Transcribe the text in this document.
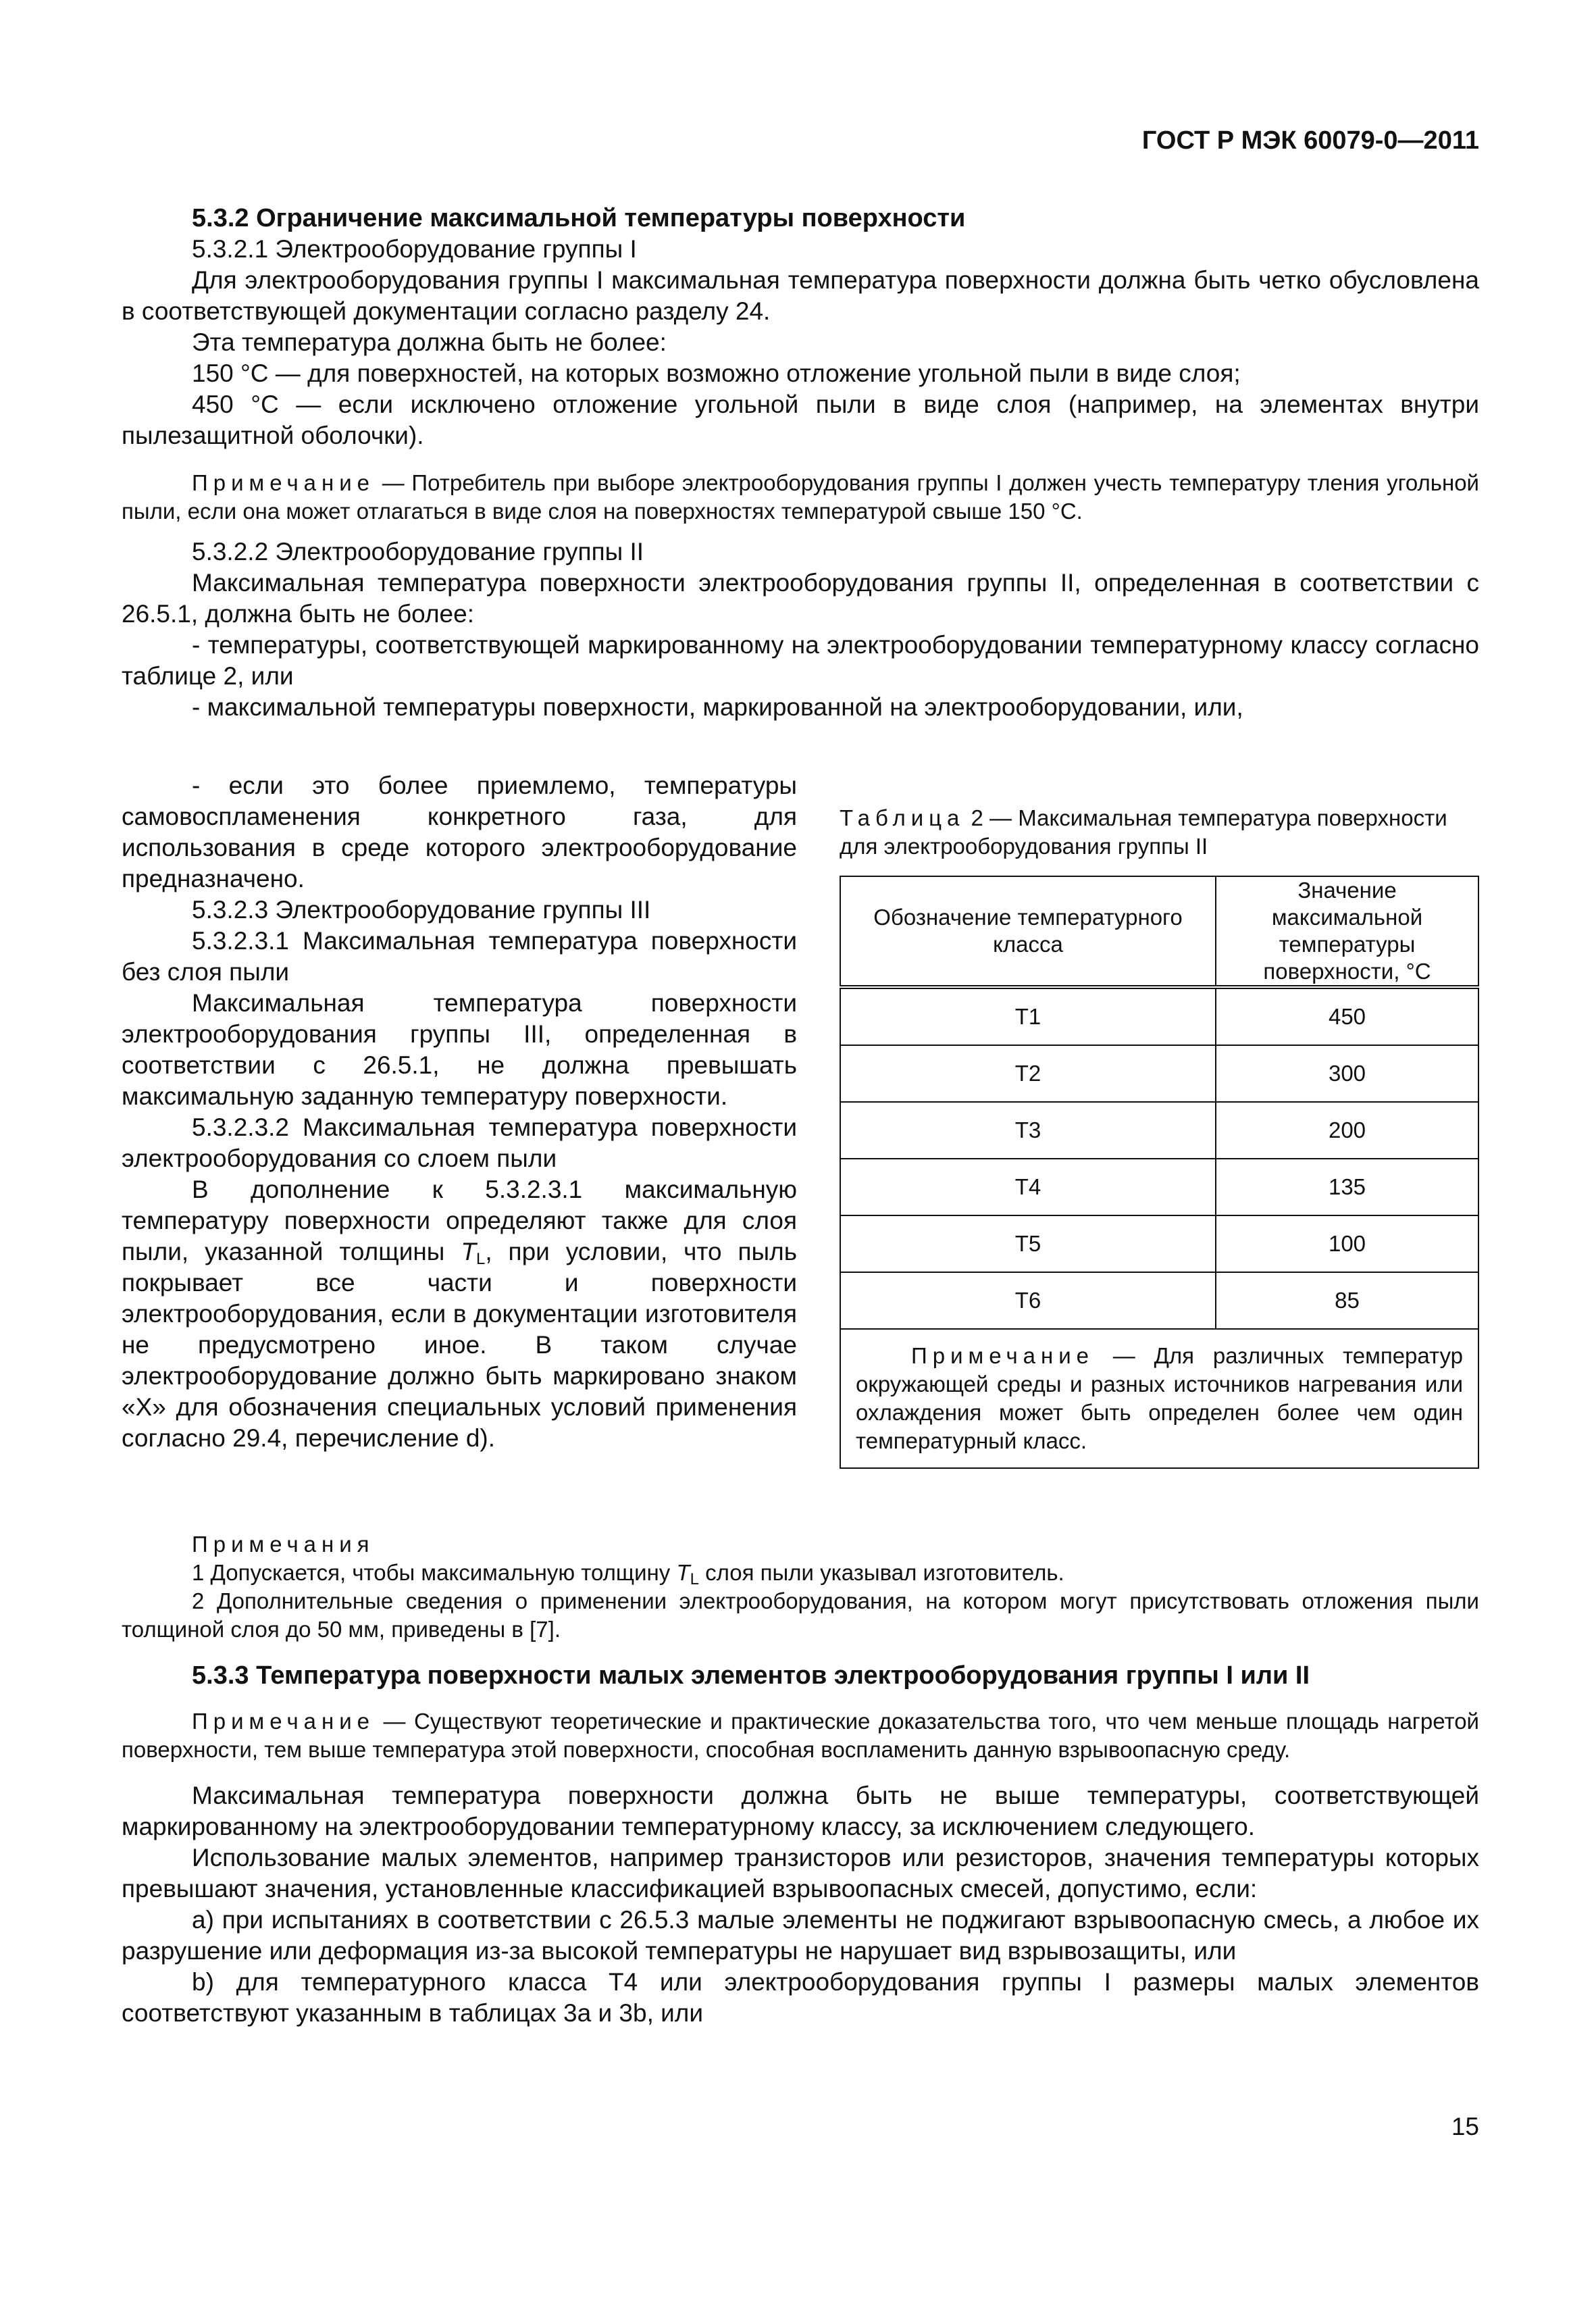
ГОСТ Р МЭК 60079-0—2011

5.3.2 Ограничение максимальной температуры поверхности

5.3.2.1 Электрооборудование группы I

Для электрооборудования группы I максимальная температура поверхности должна быть четко обусловлена в соответствующей документации согласно разделу 24.

Эта температура должна быть не более:

150 °С — для поверхностей, на которых возможно отложение угольной пыли в виде слоя;

450 °С — если исключено отложение угольной пыли в виде слоя (например, на элементах внутри пылезащитной оболочки).

Примечание — Потребитель при выборе электрооборудования группы I должен учесть температуру тления угольной пыли, если она может отлагаться в виде слоя на поверхностях температурой свыше 150 °С.

5.3.2.2 Электрооборудование группы II

Максимальная температура поверхности электрооборудования группы II, определенная в соответствии с 26.5.1, должна быть не более:

- температуры, соответствующей маркированному на электрооборудовании температурному классу согласно таблице 2, или

- максимальной температуры поверхности, маркированной на электрооборудовании, или,

- если это более приемлемо, температуры самовоспламенения конкретного газа, для использования в среде которого электрооборудование предназначено.

5.3.2.3 Электрооборудование группы III

5.3.2.3.1 Максимальная температура поверхности без слоя пыли

Максимальная температура поверхности электрооборудования группы III, определенная в соответствии с 26.5.1, не должна превышать максимальную заданную температуру поверхности.

5.3.2.3.2 Максимальная температура поверхности электрооборудования со слоем пыли

В дополнение к 5.3.2.3.1 максимальную температуру поверхности определяют также для слоя пыли, указанной толщины $T_L$, при условии, что пыль покрывает все части и поверхности электрооборудования, если в документации изготовителя не предусмотрено иное. В таком случае электрооборудование должно быть маркировано знаком «X» для обозначения специальных условий применения согласно 29.4, перечисление d).

Таблица 2 — Максимальная температура поверхности для электрооборудования группы II

Обозначение температурного класса	Значение максимальной температуры поверхности, °С
T1	450
T2	300
T3	200
T4	135
T5	100
T6	85

Примечание — Для различных температур окружающей среды и разных источников нагревания или охлаждения может быть определен более чем один температурный класс.	

Примечания

1 Допускается, чтобы максимальную толщину $T_L$ слоя пыли указывал изготовитель.

2 Дополнительные сведения о применении электрооборудования, на котором могут присутствовать отложения пыли толщиной слоя до 50 мм, приведены в [7].

5.3.3 Температура поверхности малых элементов электрооборудования группы I или II

Примечание — Существуют теоретические и практические доказательства того, что чем меньше площадь нагретой поверхности, тем выше температура этой поверхности, способная воспламенить данную взрывоопасную среду.

Максимальная температура поверхности должна быть не выше температуры, соответствующей маркированному на электрооборудовании температурному классу, за исключением следующего.

Использование малых элементов, например транзисторов или резисторов, значения температуры которых превышают значения, установленные классификацией взрывоопасных смесей, допустимо, если:

a) при испытаниях в соответствии с 26.5.3 малые элементы не поджигают взрывоопасную смесь, а любое их разрушение или деформация из-за высокой температуры не нарушает вид взрывозащиты, или

b) для температурного класса T4 или электрооборудования группы I размеры малых элементов соответствуют указанным в таблицах 3a и 3b, или

15
